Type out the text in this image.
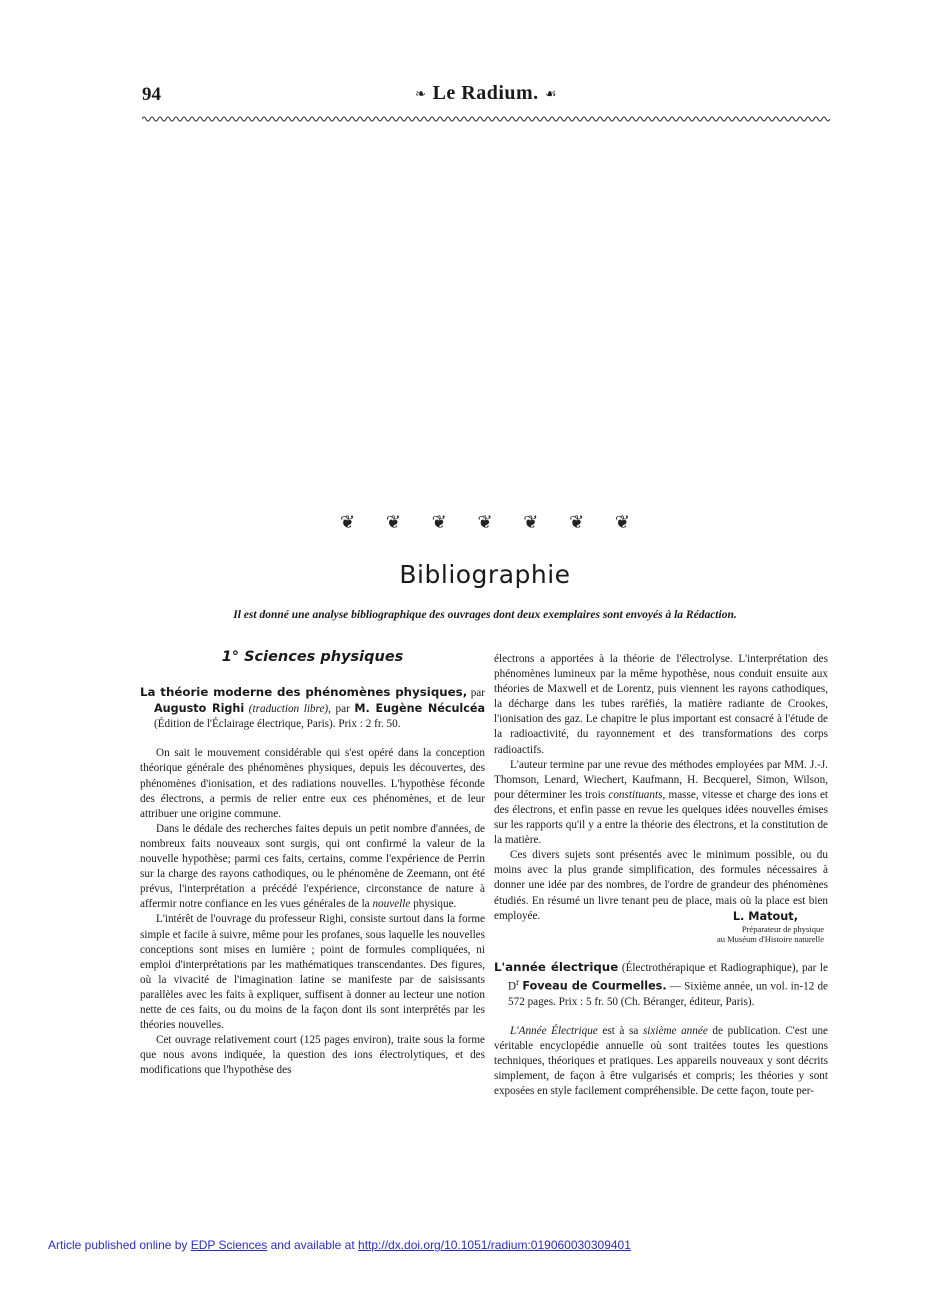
94	❧ Le Radium. ☙
❦ ❦ ❦ ❦ ❦ ❦ ❦
Bibliographie
Il est donné une analyse bibliographique des ouvrages dont deux exemplaires sont envoyés à la Rédaction.
1° Sciences physiques
La théorie moderne des phénomènes physiques, par Augusto Righi (traduction libre), par M. Eugène Néculcéa (Édition de l'Éclairage électrique, Paris). Prix : 2 fr. 50.

On sait le mouvement considérable qui s'est opéré dans la conception théorique générale des phénomènes physiques, depuis les découvertes, des phénomènes d'ionisation, et des radiations nouvelles. L'hypothèse féconde des électrons, a permis de relier entre eux ces phénomènes, et de leur attribuer une origine commune.

Dans le dédale des recherches faites depuis un petit nombre d'années, de nombreux faits nouveaux sont surgis, qui ont confirmé la valeur de la nouvelle hypothèse; parmi ces faits, certains, comme l'expérience de Perrin sur la charge des rayons cathodiques, ou le phénomène de Zeemann, ont été prévus, l'interprétation a précédé l'expérience, circonstance de nature à affermir notre confiance en les vues générales de la nouvelle physique.

L'intérêt de l'ouvrage du professeur Righi, consiste surtout dans la forme simple et facile à suivre, même pour les profanes, sous laquelle les nouvelles conceptions sont mises en lumière ; point de formules compliquées, ni emploi d'interprétations par les mathématiques transcendantes. Des figures, où la vivacité de l'imagination latine se manifeste par de saisissants parallèles avec les faits à expliquer, suffisent à donner au lecteur une notion nette de ces faits, ou du moins de la façon dont ils sont interprétés par les théories nouvelles.

Cet ouvrage relativement court (125 pages environ), traite sous la forme que nous avons indiquée, la question des ions électrolytiques, et des modifications que l'hypothèse des

électrons a apportées à la théorie de l'électrolyse. L'interprétation des phénomènes lumineux par la même hypothèse, nous conduit ensuite aux théories de Maxwell et de Lorentz, puis viennent les rayons cathodiques, la décharge dans les tubes raréfiés, la matière radiante de Crookes, l'ionisation des gaz. Le chapitre le plus important est consacré à l'étude de la radioactivité, du rayonnement et des transformations des corps radioactifs.

L'auteur termine par une revue des méthodes employées par MM. J.-J. Thomson, Lenard, Wiechert, Kaufmann, H. Becquerel, Simon, Wilson, pour déterminer les trois constituants, masse, vitesse et charge des ions et des électrons, et enfin passe en revue les quelques idées nouvelles émises sur les rapports qu'il y a entre la théorie des électrons, et la constitution de la matière.

Ces divers sujets sont présentés avec le minimum possible, ou du moins avec la plus grande simplification, des formules nécessaires à donner une idée par des nombres, de l'ordre de grandeur des phénomènes étudiés. En résumé un livre tenant peu de place, mais où la place est bien employée.	L. Matout,
Préparateur de physique
au Muséum d'Histoire naturelle
L'année électrique (Électrothérapique et Radiographique), par le $D^r$ Foveau de Courmelles. — Sixième année, un vol. in-12 de 572 pages. Prix : 5 fr. 50 (Ch. Béranger, éditeur, Paris).

L'Année Électrique est à sa sixième année de publication. C'est une véritable encyclopédie annuelle où sont traitées toutes les questions techniques, théoriques et pratiques. Les appareils nouveaux y sont décrits simplement, de façon à être vulgarisés et compris; les théories y sont exposées en style facilement compréhensible. De cette façon, toute per-

Article published online by EDP Sciences and available at http://dx.doi.org/10.1051/radium:019060030309401
